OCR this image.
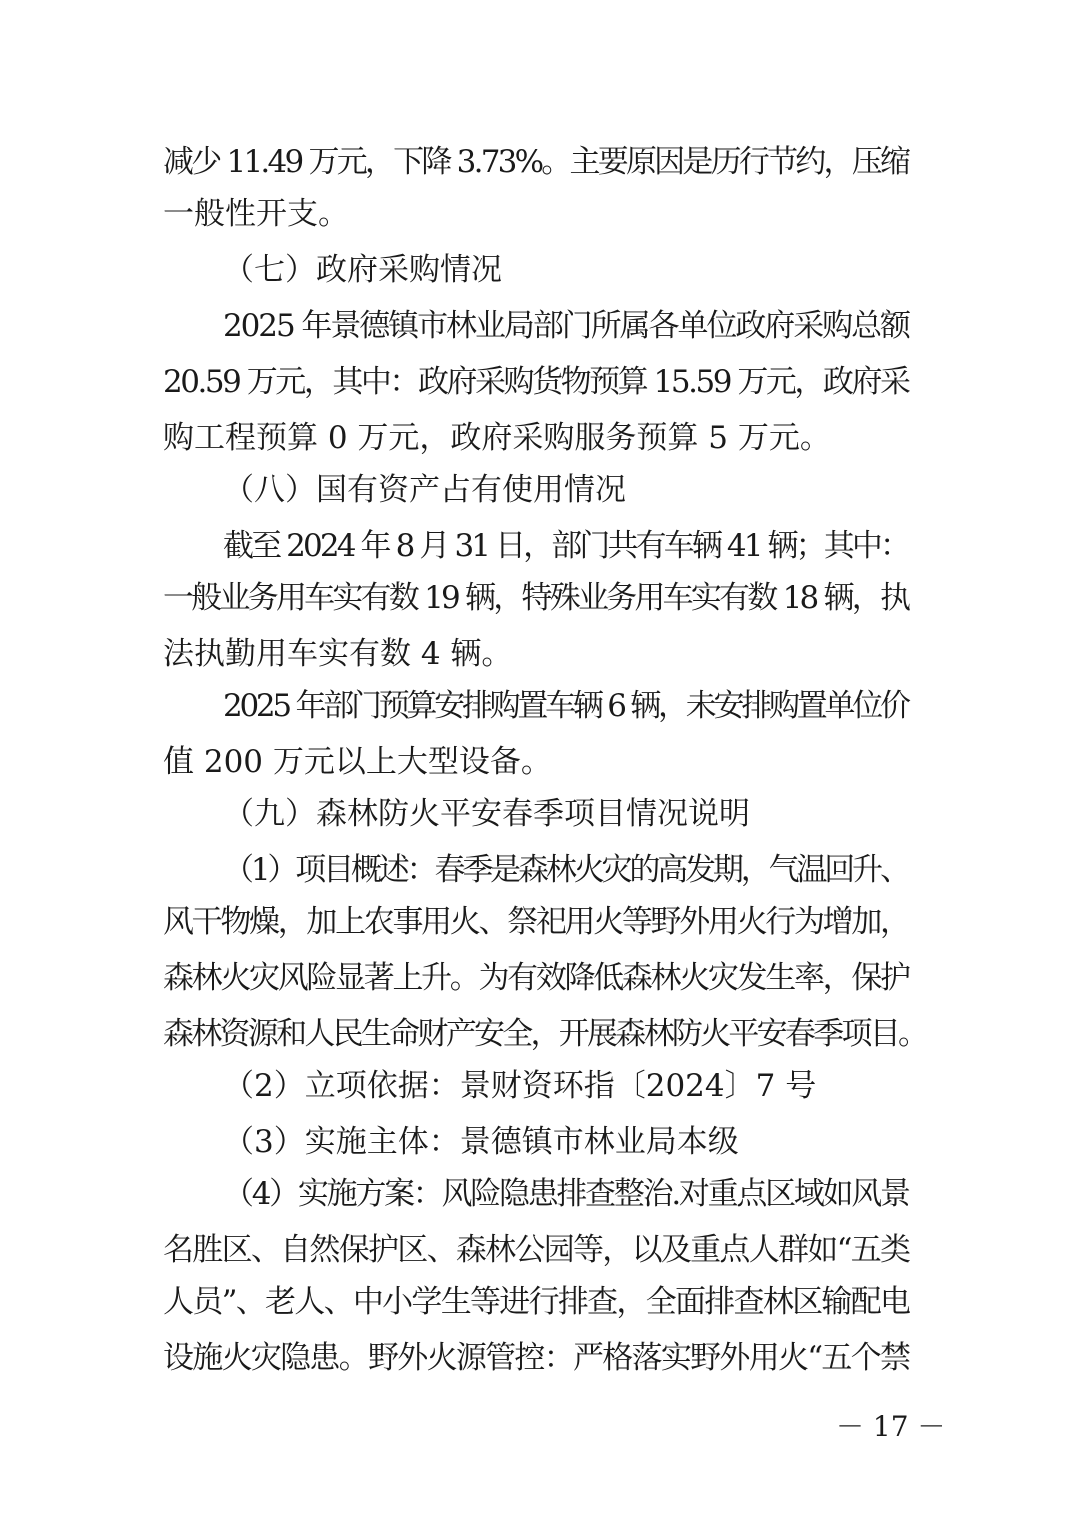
减少 11.49 万元，下降 3.73%。主要原因是历行节约，压缩
一般性开支。
（七）政府采购情况
2025 年景德镇市林业局部门所属各单位政府采购总额
20.59 万元，其中：政府采购货物预算 15.59 万元，政府采
购工程预算 0 万元，政府采购服务预算 5 万元。
（八）国有资产占有使用情况
截至 2024 年 8 月 31 日，部门共有车辆 41 辆；其中：
一般业务用车实有数 19 辆，特殊业务用车实有数 18 辆，执
法执勤用车实有数 4 辆。
2025 年部门预算安排购置车辆 6 辆，未安排购置单位价
值 200 万元以上大型设备。
（九）森林防火平安春季项目情况说明
（1）项目概述：春季是森林火灾的高发期，气温回升、
风干物燥，加上农事用火、祭祀用火等野外用火行为增加，
森林火灾风险显著上升。为有效降低森林火灾发生率，保护
森林资源和人民生命财产安全，开展森林防火平安春季项目。
（2）立项依据：景财资环指〔2024〕7 号
（3）实施主体：景德镇市林业局本级
（4）实施方案：风险隐患排查整治.对重点区域如风景
名胜区、自然保护区、森林公园等，以及重点人群如“五类
人员”、老人、中小学生等进行排查，全面排查林区输配电
设施火灾隐患。野外火源管控：严格落实野外用火“五个禁
－ 17 －
